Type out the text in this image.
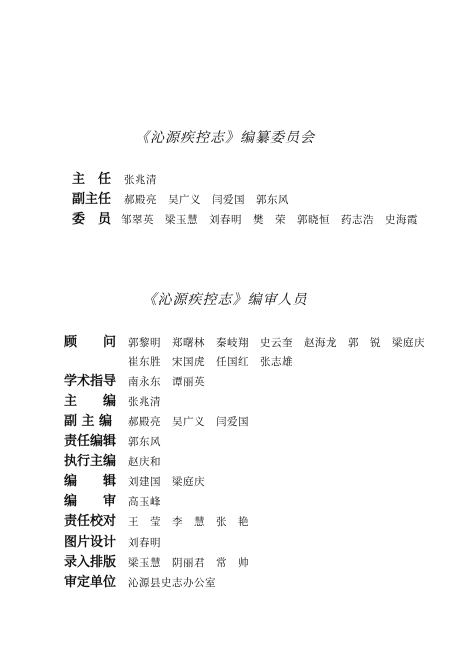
《沁源疾控志》编纂委员会
主　任 张兆清
副主任 郝殿亮　吴广义　闫爱国　郭东风
委　员 邹翠英　梁玉慧　刘春明　樊　荣　郭晓恒　药志浩　史海霞
《沁源疾控志》编审人员
顾　　问 郭黎明　郑曙林　秦岐翔　史云奎　赵海龙　郭　锐　梁庭庆
崔东胜　宋国虎　任国红　张志雄
学术指导 南永东　谭丽英
主　　编 张兆清
副 主 编 郝殿亮　吴广义　闫爱国
责任编辑 郭东风
执行主编 赵庆和
编　　辑 刘建国　梁庭庆
编　　审 高玉峰
责任校对 王　莹　李　慧　张　艳
图片设计 刘春明
录入排版 梁玉慧　阴丽君　常　帅
审定单位 沁源县史志办公室
